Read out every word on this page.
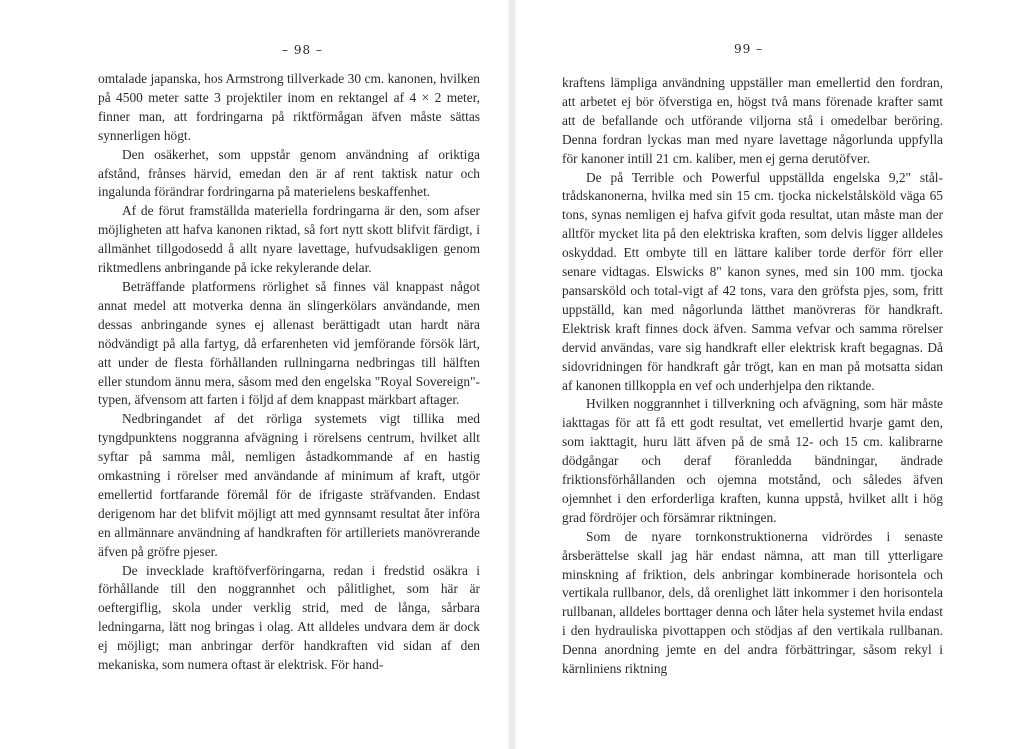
– 98 –

omtalade japanska, hos Armstrong tillverkade 30 cm. kanonen, hvilken på 4500 meter satte 3 projektiler inom en rektangel af 4 × 2 meter, finner man, att fordringarna på riktförmågan äfven måste sättas synnerligen högt.

Den osäkerhet, som uppstår genom användning af oriktiga afstånd, frånses härvid, emedan den är af rent taktisk natur och ingalunda förändrar fordringarna på materielens beskaffenhet.

Af de förut framställda materiella fordringarna är den, som afser möjligheten att hafva kanonen riktad, så fort nytt skott blifvit färdigt, i allmänhet tillgodosedd å allt nyare lavettage, hufvudsakligen genom riktmedlens anbringande på icke rekylerande delar.

Beträffande platformens rörlighet så finnes väl knappast något annat medel att motverka denna än slingerkölars användande, men dessas anbringande synes ej allenast berättigadt utan hardt nära nödvändigt på alla fartyg, då erfarenheten vid jemförande försök lärt, att under de flesta förhållanden rullningarna nedbringas till hälften eller stundom ännu mera, såsom med den engelska "Royal Sovereign"-typen, äfvensom att farten i följd af dem knappast märkbart aftager.

Nedbringandet af det rörliga systemets vigt tillika med tyngdpunktens noggranna afvägning i rörelsens centrum, hvilket allt syftar på samma mål, nemligen åstadkommande af en hastig omkastning i rörelser med användande af minimum af kraft, utgör emellertid fortfarande föremål för de ifrigaste sträfvanden. Endast derigenom har det blifvit möjligt att med gynnsamt resultat åter införa en allmännare användning af handkraften för artilleriets manövrerande äfven på gröfre pjeser.

De invecklade kraftöfverföringarna, redan i fredstid osäkra i förhållande till den noggrannhet och pålitlighet, som här är oeftergiflig, skola under verklig strid, med de långa, sårbara ledningarna, lätt nog bringas i olag. Att alldeles undvara dem är dock ej möjligt; man anbringar derför handkraften vid sidan af den mekaniska, som numera oftast är elektrisk. För hand-

99 –

kraftens lämpliga användning uppställer man emellertid den fordran, att arbetet ej bör öfverstiga en, högst två mans förenade krafter samt att de befallande och utförande viljorna stå i omedelbar beröring. Denna fordran lyckas man med nyare lavettage någorlunda uppfylla för kanoner intill 21 cm. kaliber, men ej gerna derutöfver.

De på Terrible och Powerful uppställda engelska 9,2" stål-trådskanonerna, hvilka med sin 15 cm. tjocka nickelstålsköld väga 65 tons, synas nemligen ej hafva gifvit goda resultat, utan måste man der alltför mycket lita på den elektriska kraften, som delvis ligger alldeles oskyddad. Ett ombyte till en lättare kaliber torde derför förr eller senare vidtagas. Elswicks 8" kanon synes, med sin 100 mm. tjocka pansarsköld och total-vigt af 42 tons, vara den gröfsta pjes, som, fritt uppställd, kan med någorlunda lätthet manövreras för handkraft. Elektrisk kraft finnes dock äfven. Samma vefvar och samma rörelser dervid användas, vare sig handkraft eller elektrisk kraft begagnas. Då sidovridningen för handkraft går trögt, kan en man på motsatta sidan af kanonen tillkoppla en vef och underhjelpa den riktande.

Hvilken noggrannhet i tillverkning och afvägning, som här måste iakttagas för att få ett godt resultat, vet emellertid hvarje gamt den, som iakttagit, huru lätt äfven på de små 12- och 15 cm. kalibrarne dödgångar och deraf föranledda bändningar, ändrade friktionsförhållanden och ojemna motstånd, och således äfven ojemnhet i den erforderliga kraften, kunna uppstå, hvilket allt i hög grad fördröjer och försämrar riktningen.

Som de nyare tornkonstruktionerna vidrördes i senaste årsberättelse skall jag här endast nämna, att man till ytterligare minskning af friktion, dels anbringar kombinerade horisontela och vertikala rullbanor, dels, då orenlighet lätt inkommer i den horisontela rullbanan, alldeles borttager denna och låter hela systemet hvila endast i den hydrauliska pivottappen och stödjas af den vertikala rullbanan. Denna anordning jemte en del andra förbättringar, såsom rekyl i kärnliniens riktning
